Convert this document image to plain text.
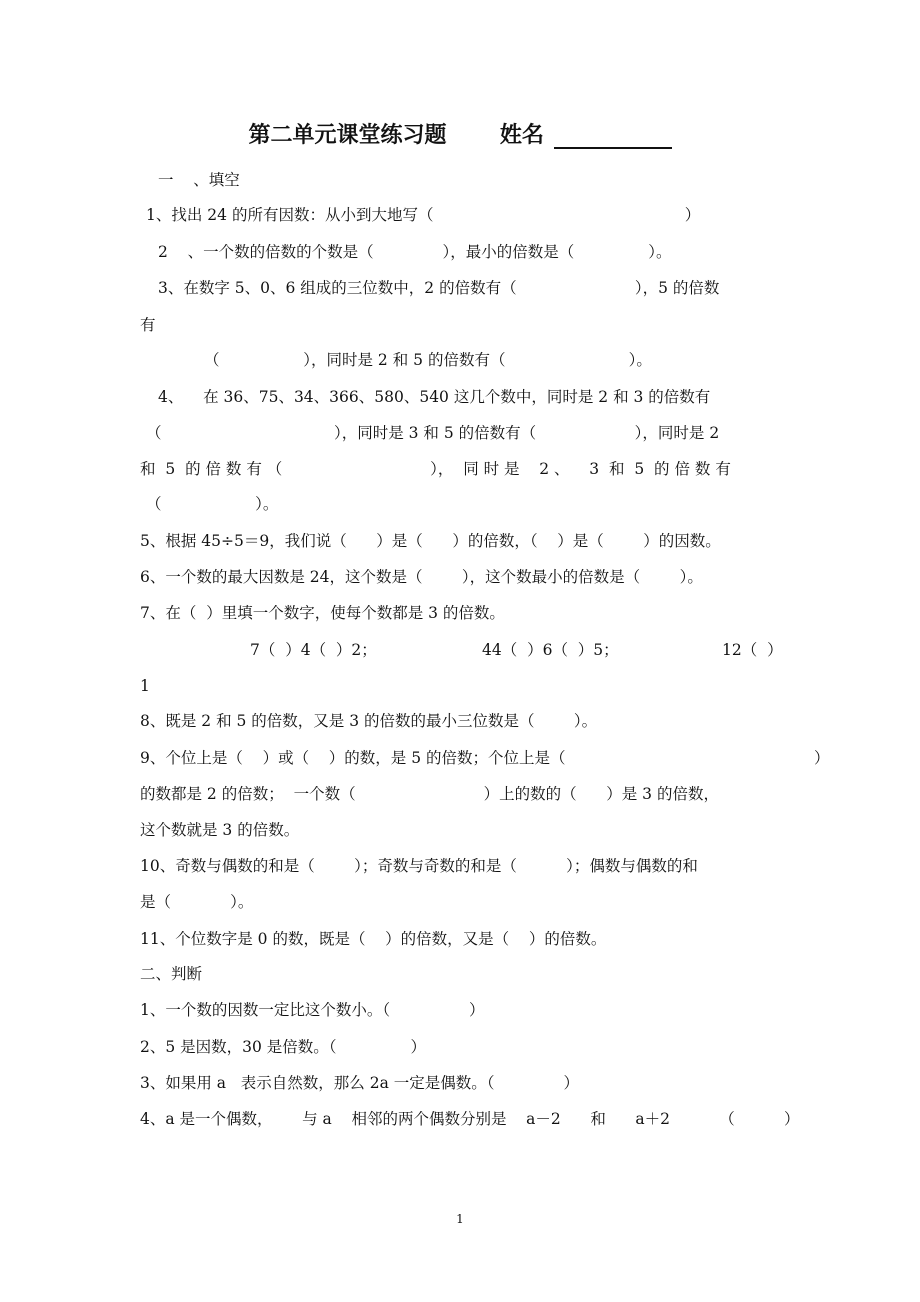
第二单元课堂练习题 姓名
一    、填空
1、找出 24 的所有因数：从小到大地写（                                                   ）
2    、一个数的倍数的个数是（              ），最小的倍数是（               ）。
3、在数字 5、0、6 组成的三位数中，2 的倍数有（                        ），5 的倍数
有
（                 ），同时是 2 和 5 的倍数有（                         ）。
4、    在 36、75、34、366、580、540 这几个数中，同时是 2 和 3 的倍数有
（                                   ），同时是 3 和 5 的倍数有（                    ），同时是 2
和  5  的 倍 数 有 （                              ），  同 时 是    2 、    3  和  5  的 倍 数 有
（                   ）。
5、根据 45÷5＝9，我们说（      ）是（      ）的倍数，（    ）是（        ）的因数。
6、一个数的最大因数是 24，这个数是（        ），这个数最小的倍数是（        ）。
7、在（  ）里填一个数字，使每个数都是 3 的倍数。
7（  ）4（  ）2；	44（  ）6（  ）5；	12（  ）
1
8、既是 2 和 5 的倍数，又是 3 的倍数的最小三位数是（        ）。
9、个位上是（    ）或（    ）的数，是 5 的倍数；个位上是（	）
的数都是 2 的倍数；  一个数（                          ）上的数的（      ）是 3 的倍数，
这个数就是 3 的倍数。
10、奇数与偶数的和是（        ）；奇数与奇数的和是（          ）；偶数与偶数的和
是（            ）。
11、个位数字是 0 的数，既是（    ）的倍数，又是（    ）的倍数。
二、判断
1、一个数的因数一定比这个数小。（                ）
2、5 是因数，30 是倍数。（               ）
3、如果用 a   表示自然数，那么 2a 一定是偶数。（              ）
4、a 是一个偶数，      与 a    相邻的两个偶数分别是    a－2      和      a＋2          （          ）
1
